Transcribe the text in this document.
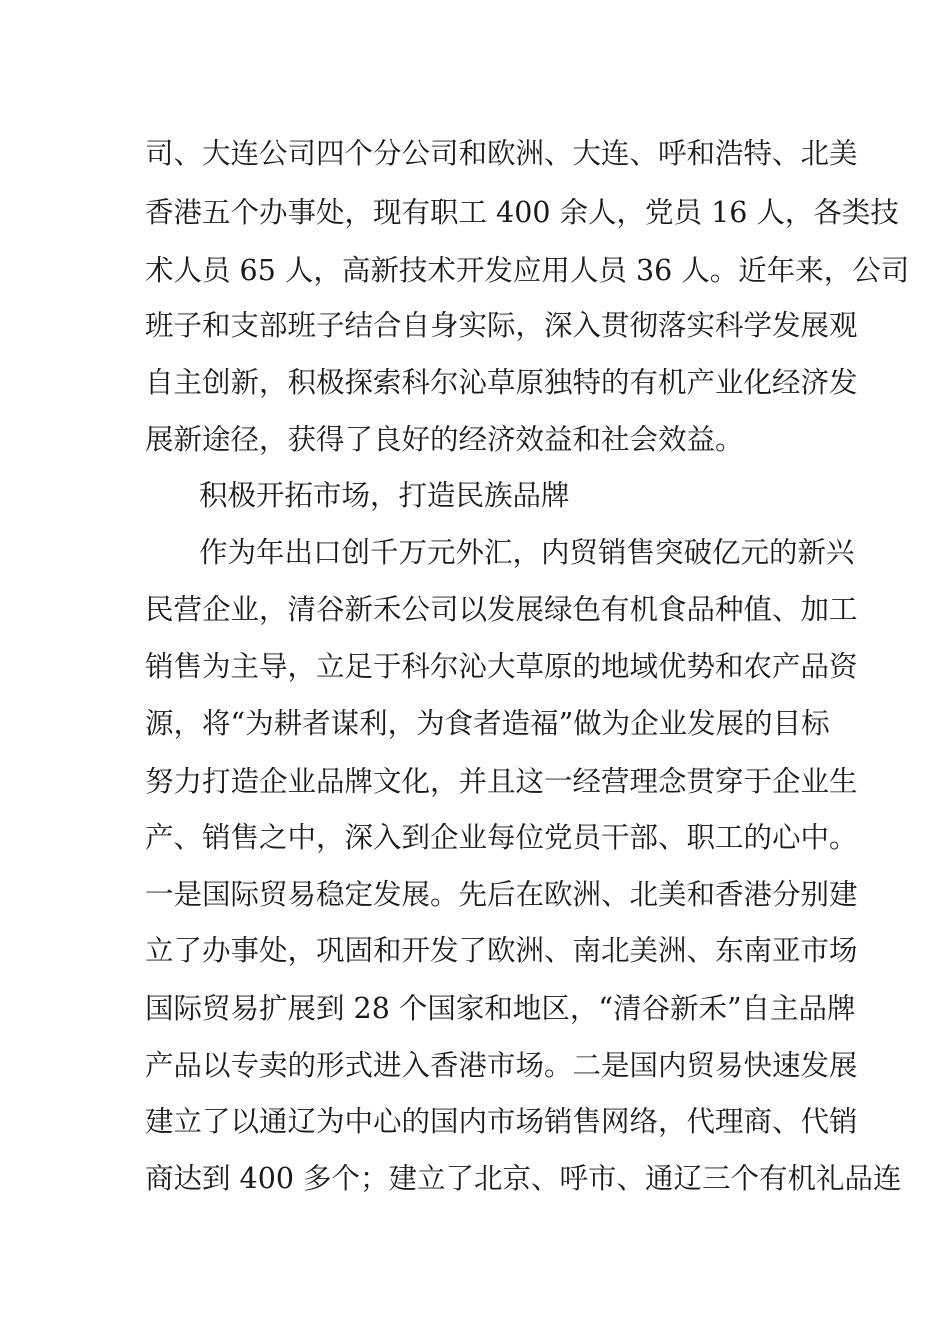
司、大连公司四个分公司和欧洲、大连、呼和浩特、北美
香港五个办事处，现有职工 400 余人，党员 16 人，各类技
术人员 65 人，高新技术开发应用人员 36 人。近年来，公司
班子和支部班子结合自身实际，深入贯彻落实科学发展观
自主创新，积极探索科尔沁草原独特的有机产业化经济发
展新途径，获得了良好的经济效益和社会效益。
积极开拓市场，打造民族品牌
作为年出口创千万元外汇，内贸销售突破亿元的新兴
民营企业，清谷新禾公司以发展绿色有机食品种值、加工
销售为主导，立足于科尔沁大草原的地域优势和农产品资
源，将“为耕者谋利，为食者造福”做为企业发展的目标
努力打造企业品牌文化，并且这一经营理念贯穿于企业生
产、销售之中，深入到企业每位党员干部、职工的心中。
一是国际贸易稳定发展。先后在欧洲、北美和香港分别建
立了办事处，巩固和开发了欧洲、南北美洲、东南亚市场
国际贸易扩展到 28 个国家和地区，“清谷新禾”自主品牌
产品以专卖的形式进入香港市场。二是国内贸易快速发展
建立了以通辽为中心的国内市场销售网络，代理商、代销
商达到 400 多个；建立了北京、呼市、通辽三个有机礼品连
